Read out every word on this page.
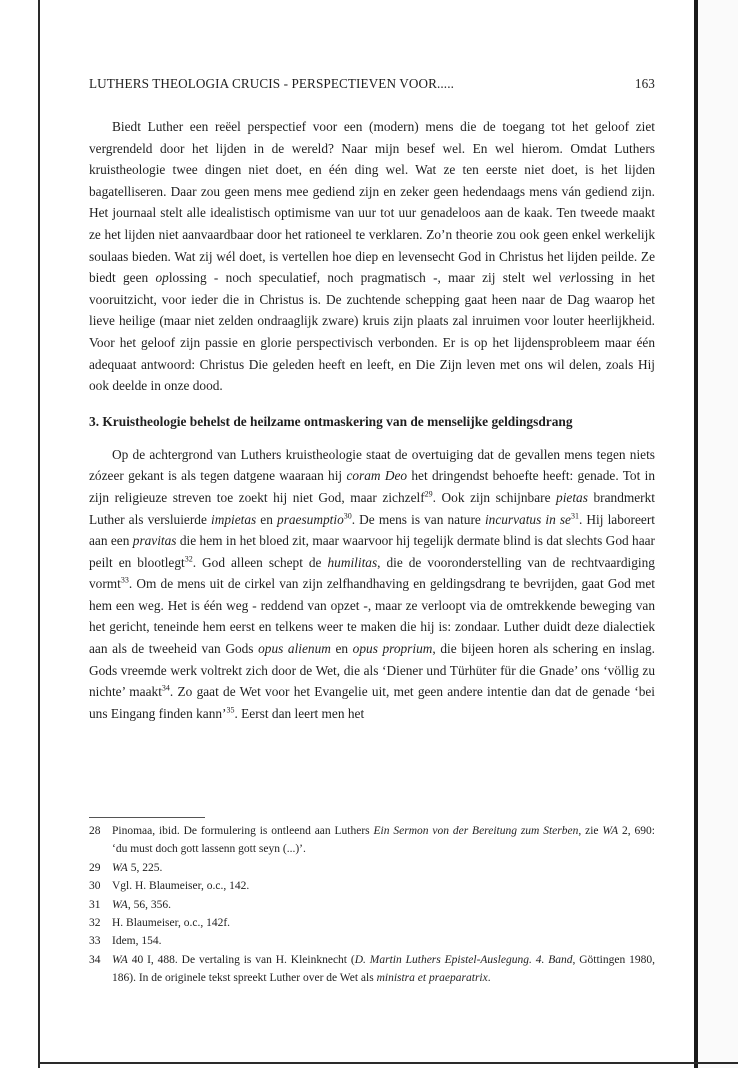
LUTHERS THEOLOGIA CRUCIS - PERSPECTIEVEN VOOR.....	163

Biedt Luther een reëel perspectief voor een (modern) mens die de toegang tot het geloof ziet vergrendeld door het lijden in de wereld? Naar mijn besef wel. En wel hierom. Omdat Luthers kruistheologie twee dingen niet doet, en één ding wel. Wat ze ten eerste niet doet, is het lijden bagatelliseren. Daar zou geen mens mee gediend zijn en zeker geen hedendaags mens ván gediend zijn. Het journaal stelt alle idealistisch optimisme van uur tot uur genadeloos aan de kaak. Ten tweede maakt ze het lijden niet aanvaardbaar door het rationeel te verklaren. Zo’n theorie zou ook geen enkel werkelijk soulaas bieden. Wat zij wél doet, is vertellen hoe diep en levensecht God in Christus het lijden peilde. Ze biedt geen oplossing - noch speculatief, noch pragmatisch -, maar zij stelt wel verlossing in het vooruitzicht, voor ieder die in Christus is. De zuchtende schepping gaat heen naar de Dag waarop het lieve heilige (maar niet zelden ondraaglijk zware) kruis zijn plaats zal inruimen voor louter heerlijkheid. Voor het geloof zijn passie en glorie perspectivisch verbonden. Er is op het lijdensprobleem maar één adequaat antwoord: Christus Die geleden heeft en leeft, en Die Zijn leven met ons wil delen, zoals Hij ook deelde in onze dood.

3. Kruistheologie behelst de heilzame ontmaskering van de menselijke geldingsdrang

Op de achtergrond van Luthers kruistheologie staat de overtuiging dat de gevallen mens tegen niets zózeer gekant is als tegen datgene waaraan hij coram Deo het dringendst behoefte heeft: genade. Tot in zijn religieuze streven toe zoekt hij niet God, maar zichzelf$^{29}$. Ook zijn schijnbare pietas brandmerkt Luther als versluierde impietas en praesumptio$^{30}$. De mens is van nature incurvatus in $se^{31}$. Hij laboreert aan een pravitas die hem in het bloed zit, maar waarvoor hij tegelijk dermate blind is dat slechts God haar peilt en blootlegt$^{32}$. God alleen schept de humilitas, die de vooronderstelling van de rechtvaardiging vormt$^{33}$. Om de mens uit de cirkel van zijn zelfhandhaving en geldingsdrang te bevrijden, gaat God met hem een weg. Het is één weg - reddend van opzet -, maar ze verloopt via de omtrekkende beweging van het gericht, teneinde hem eerst en telkens weer te maken die hij is: zondaar. Luther duidt deze dialectiek aan als de tweeheid van Gods opus alienum en opus proprium, die bijeen horen als schering en inslag. Gods vreemde werk voltrekt zich door de Wet, die als ‘Diener und Türhüter für die Gnade’ ons ‘völlig zu nichte’ maakt$^{34}$. Zo gaat de Wet voor het Evangelie uit, met geen andere intentie dan dat de genade ‘bei uns Eingang finden kann’$^{35}$. Eerst dan leert men het

28	Pinomaa, ibid. De formulering is ontleend aan Luthers Ein Sermon von der Bereitung zum Sterben, zie WA 2, 690: ‘du must doch gott lassenn gott seyn (...)’.
29	WA 5, 225.
30	Vgl. H. Blaumeiser, o.c., 142.
31	WA, 56, 356.
32	H. Blaumeiser, o.c., 142f.
33	Idem, 154.
34	WA 40 I, 488. De vertaling is van H. Kleinknecht (D. Martin Luthers Epistel-Auslegung. 4. Band, Göttingen 1980, 186). In de originele tekst spreekt Luther over de Wet als ministra et praeparatrix.
